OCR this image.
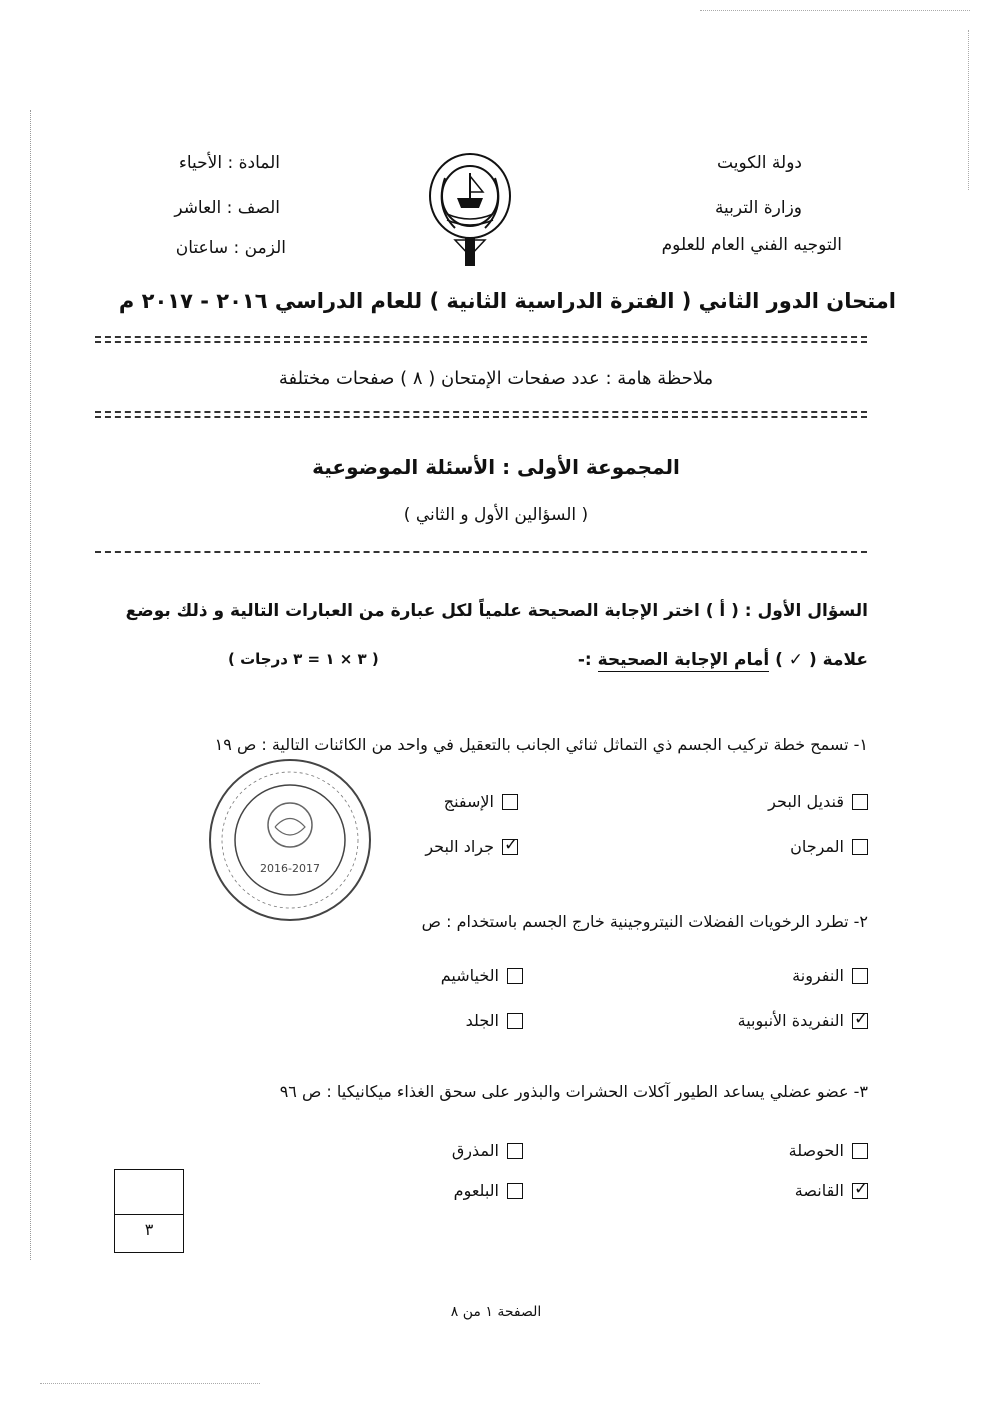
دولة الكويت
وزارة التربية
التوجيه الفني العام للعلوم
المادة : الأحياء
الصف : العاشر
الزمن : ساعتان
امتحان الدور الثاني ( الفترة الدراسية الثانية ) للعام الدراسي ٢٠١٦ - ٢٠١٧ م
ملاحظة هامة : عدد صفحات الإمتحان ( ٨ ) صفحات مختلفة
المجموعة الأولى : الأسئلة الموضوعية
( السؤالين الأول و الثاني )
السؤال الأول : ( أ ) اختر الإجابة الصحيحة علمياً لكل عبارة من العبارات التالية و ذلك بوضع
علامة ( ✓ ) أمام الإجابة الصحيحة :-
( ٣ × ١ = ٣ درجات )
١- تسمح خطة تركيب الجسم ذي التماثل ثنائي الجانب بالتعقيل في واحد من الكائنات التالية : ص ١٩
قنديل البحر
الإسفنج
المرجان
✓
جراد البحر
2016-2017
٢- تطرد الرخويات الفضلات النيتروجينية خارج الجسم باستخدام : ص
النفرونة
الخياشيم
✓
النفريدة الأنبوبية
الجلد
٣- عضو عضلي يساعد الطيور آكلات الحشرات والبذور على سحق الغذاء ميكانيكيا : ص ٩٦
الحوصلة
المذرق
✓
القانصة
البلعوم
٣
الصفحة ١ من ٨
